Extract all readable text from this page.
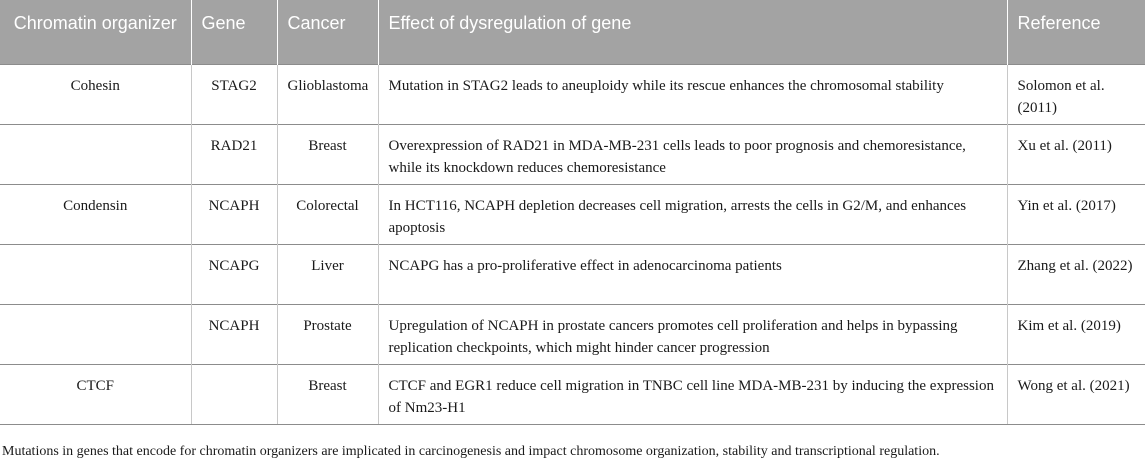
Chromatin organizer	Gene	Cancer	Effect of dysregulation of gene	Reference
Cohesin	STAG2	Glioblastoma	Mutation in STAG2 leads to aneuploidy while its rescue enhances the chromosomal stability	Solomon et al. (2011)
	RAD21	Breast	Overexpression of RAD21 in MDA-MB-231 cells leads to poor prognosis and chemoresistance, while its knockdown reduces chemoresistance	Xu et al. (2011)
Condensin	NCAPH	Colorectal	In HCT116, NCAPH depletion decreases cell migration, arrests the cells in G2/M, and enhances apoptosis	Yin et al. (2017)
	NCAPG	Liver	NCAPG has a pro-proliferative effect in adenocarcinoma patients	Zhang et al. (2022)
	NCAPH	Prostate	Upregulation of NCAPH in prostate cancers promotes cell proliferation and helps in bypassing replication checkpoints, which might hinder cancer progression	Kim et al. (2019)
CTCF		Breast	CTCF and EGR1 reduce cell migration in TNBC cell line MDA-MB-231 by inducing the expression of Nm23-H1	Wong et al. (2021)
Mutations in genes that encode for chromatin organizers are implicated in carcinogenesis and impact chromosome organization, stability and transcriptional regulation.
